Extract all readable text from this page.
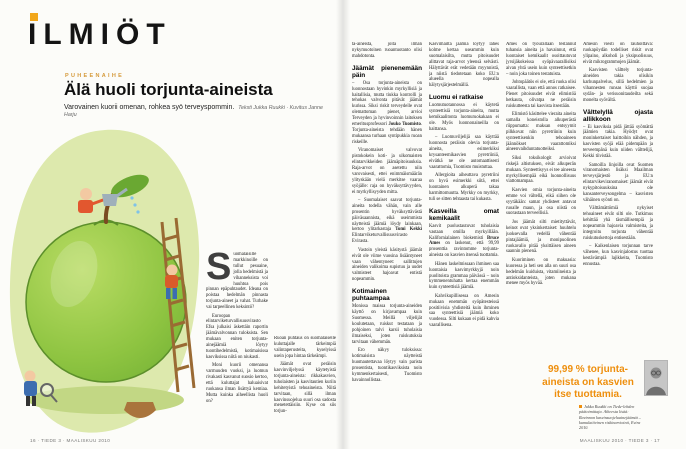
ILMIÖT
PUHEENAIHE
Älä huoli torjunta-aineista
Varovainen kuorii omenan, rohkea syö terveyspommin. Teksti Jukka Ruukki · Kuvitus Janne Harju

Suomalaisille markkinoille on tullut pesuaine, jolla hedelmistä ja vihanneksista voi huuhtoa pois pinnan epäpuhtaudet. Ideana on poistaa hedelmän pinnasta torjunta-aineet ja vahat. Turhake vai tarpeellinen keksintö?

Euroopan elintarviketurvallisuusvirasto Efsa julkaisi äskettäin raportin jäämävalvonnan tuloksista. Sen mukaan eniten torjunta-ainejäämiä löytyy tuontihedelmistä, kotimaisissa kasviksissa niitä on niukasti.

Moni kuorii omenansa varmuuden vuoksi, ja luomun rivakasti kasvanut suosio kertoo, että kuluttajat haluaisivat ruokansa ilman lisättyä kemiaa. Mutta kuinka aiheellista huoli on?

Ruoan puhtaus on suomalaiselle kuluttajalle tärkeimpiä valintaperusteita, kyselyissä usein jopa hintaa tärkeämpi.

Jäämät ovat peräisin kasvinviljelyssä käytetyistä torjunta-aineista: rikkakasvien, tuholaisten ja kasvitautien kuriin kehitetyistä tehoaineista. Niitä tarvitaan, sillä ilman kasvinsuojelua suuri osa sadosta menetettäisiin. Kyse on siis torjun-

16 · TIEDE 3 · MAALISKUU 2010

ta-aineista, joita ilman nykymuotoinen ruoantuotanto olisi mahdotonta.

Jäämät pienenemään päin

– Osa torjunta-aineista on luonnostaan hyvinkin myrkyllisiä ja haitallisia, mutta tiukka kontrolli ja tehokas valvonta pitävät jäämät kurissa. Siksi riskit terveydelle ovat olemattoman pienet, arvioi Terveyden ja hyvinvoinnin laitoksen emeritusprofessori Jouko Tuomisto. Torjunta-aineista tehdään hänen mukaansa turhaan syntipukkia ruoan riskeille.

Viranomaiset valvovat pistokokein koti- ja ulkomaisten elintarvikkeiden jäämäpitoisuuksia. Raja-arvot on asetettu niin varovaisesti, ettei enimmäismäärän ylityskään vielä merkitse vaaraa syöjälle: raja on hyväksyttävyyden, ei myrkyllisyyden mitta.

– Suomalaiset saavat torjunta-aineita todella vähän, vain alle prosentin hyväksyttävästä päiväsaannista, eikä useimmista näytteistä jäämiä löydy lainkaan, kertoo ylitarkastaja Tomi Kekki Elintarviketurvallisuusvirasto Evirasta.

Vastoin yleistä käsitystä jäämät eivät ole viime vuosina lisääntyneet vaan vähentyneet: sallittujen aineiden valikoima supistuu ja uudet valmisteet hajoavat entistä nopeammin.

Kotimainen puhtaampaa

Monissa maissa torjunta-aineiden käyttö on kirjavampaa kuin Suomessa. Meillä viljelijät koulutetaan, ruiskut testataan ja pohjoinen talvi karsii tuholaisia ilmaiseksi, joten ruiskutuksia tarvitaan vähemmän.

Ero näkyy tuloksissa: kotimaisista näytteistä huomautettavaa löytyy vain parista prosentista, tuontikasviksista noin kymmenkertaisesti, Tuomisto havainnollistaa.

Kasvimailta jäämiä löytyy lähes kolme kertaa useammin kuin suomalaisilta, mutta pitoisuudet alittavat raja-arvot yleensä selvästi. Hälyttävät erät vedetään myynnistä, ja niistä tiedotetaan koko EU:n alueella nopealla hälytysjärjestelmällä.

Luomu ei ratkaise

Luomutuotannossa ei käytetä synteettisiä torjunta-aineita, mutta kemikaalitonta luomuruokakaan ei ole. Myös luonnonaineilla on haittansa.

– Luomuviljelijä saa käyttää luonnosta peräisin olevia torjunta-aineita, esimerkiksi krysanteemikasvien pyretriiniä, eivätkä ne ole automaattisesti vaarattomia, Tuomisto muistuttaa.

Allergioita aiheuttava pyretriini on hyvä esimerkki siitä, ettei luontainen alkuperä takaa harmittomuutta. Myrkky on myrkky, tuli se sitten tehtaasta tai kukasta.

Kasveilla omat kemikaalit

Kasvit puolustautuvat tuholaisia vastaan omilla myrkyillään. Kalifornialainen biokemisti Bruce Ames on laskenut, että 99,99 prosenttia ravintomme torjunta-aineista on kasvien itsensä tuottamia.

Hänen laskelmissaan ihminen saa luontaisia kasvimyrkkyjä noin puolitoista grammaa päivässä – noin kymmenentuhatta kertaa enemmän kuin synteettisiä jäämiä.

Kahvikupillisessa on Amesin mukaan enemmän syöpätesteissä positiivisia yhdisteitä kuin ihminen saa synteettisiä jäämiä koko vuodessa. Silti kukaan ei pidä kahvia vaarallisena.

Ames on työurallaan testannut tuhansia aineita ja havainnut, että luontaiset kemikaalit osoittautuvat jyrsijäkokeissa syöpävaarallisiksi aivan yhtä usein kuin synteettisetkin – noin joka toinen testatuista.

Johtopäätös ei ole, että ruoka olisi vaarallista, vaan että annos ratkaisee. Pienet pitoisuudet eivät elimistöä hetkauta, olivatpa ne peräisin ruiskutteesta tai kasvista itsestään.

Elimistö käsittelee vieraita aineita samalla koneistolla alkuperästä riippumatta: maksan entsyymit pilkkovat niin pyretriinin kuin synteettisenkin tehoaineen jäännökset vaarattomiksi aineenvaihduntatuotteiksi.

Siksi toksikologit arvioivat riskejä altistuksen, eivät alkuperän mukaan. Synteettisyys ei tee aineesta myrkyllisempää eikä luonnollisuus viattomampaa.

Kasvien omia torjunta-aineita emme voi vältellä, eikä siihen ole syytäkään: samat yhdisteet antavat ruoalle maun, ja osa niistä on suorastaan terveellisiä.

Jos jäämät silti mietityttävät, keinot ovat yksinkertaiset: huuhtelu juoksevalla vedellä vähentää pintajäämiä, ja monipuolinen ruokavalio pitää yksittäisen aineen saannin pienenä.

Kuoriminen on makuasia: kuoressa ja heti sen alla on suuri osa hedelmän kuiduista, vitamiineista ja antioksidanteista, joten mukana menee myös hyvää.

Amesin viesti on rauhoittava: ruokapöydän todelliset riskit ovat ylipaino, alkoholi ja yksipuolisuus, eivät mikrogrammojen jäämät.

Kasvisten välttely torjunta-aineiden takia olisikin karhunpalvelus, sillä hedelmien ja vihannesten runsas käyttö suojaa sydän- ja verisuonitaudeilta sekä monelta syövältä.

Välttelyllä ojasta allikkoon

– Ei kasviksia pidä jättää syömättä jäämien takia. Hyödyt ovat moninkertaiset haittoihin nähden, ja kasvisten syöjä elää pidempään ja terveempänä kuin niiden välttelijä, Kekki tiivistää.

Samoilla linjoilla ovat Suomen viranomaisten lisäksi Maailman terveysjärjestö ja EU:n elintarvikeviranomaiset: jäämät eivät nykypitoisuuksina ole kansanterveysongelma – kasvisten vähäinen syönti on.

Välttämättömiä nykyiset tehoaineet eivät silti ole. Tutkimus kehittää yhä täsmällisempiä ja nopeammin hajoavia valmisteita, ja integroitu torjunta vähentää ruiskutuskertoja entisestään.

– Kaikenlaisen torjunnan tarve vähenee, kun kasvinjalostus tuottaa kestävämpiä lajikkeita, Tuomisto ennustaa.

99,99 % torjunta-aineista on kasvien itse tuottamia.
Jukka Ruukki on Tiede-lehden päätoimittaja. Aiheesta lisää: Ravinnon kasvinsuojeluainejäämät – kumulatiivinen riskinarviointi, Evira 2010.
MAALISKUU 2010 · TIEDE 3 · 17
